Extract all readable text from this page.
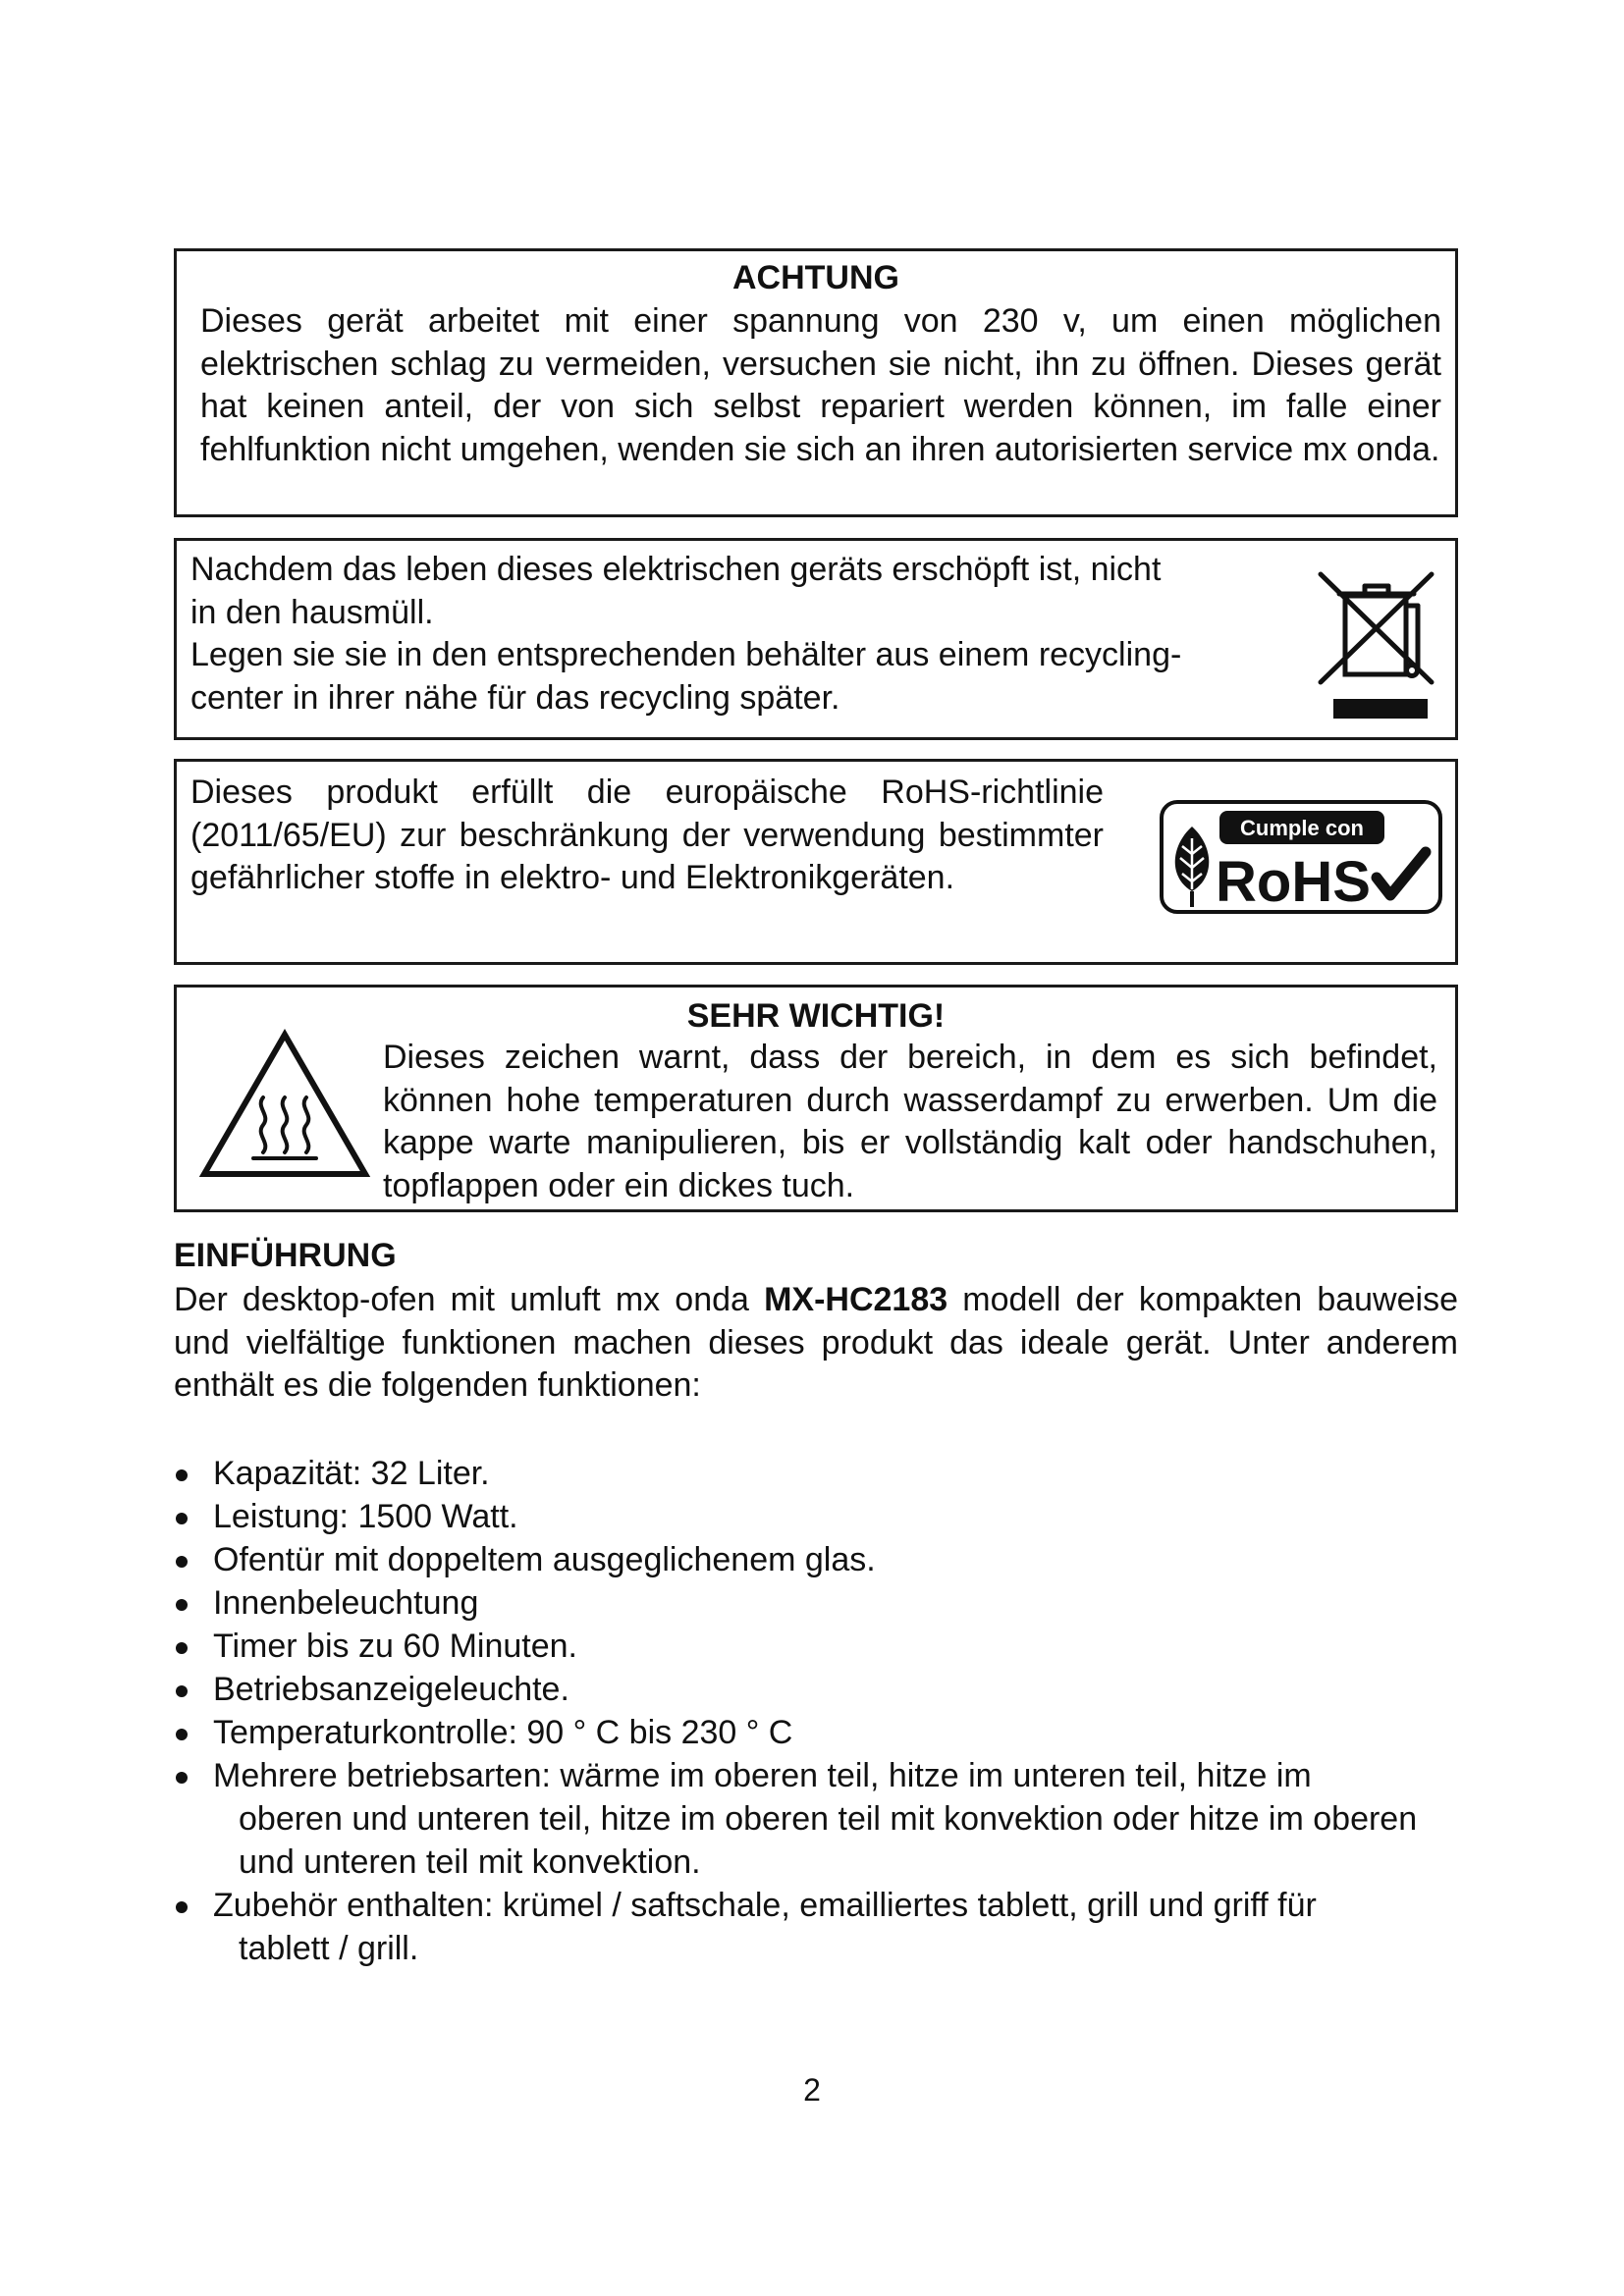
ACHTUNG
Dieses gerät arbeitet mit einer spannung von 230 v, um einen möglichen elektrischen schlag zu vermeiden, versuchen sie nicht, ihn zu öffnen. Dieses gerät hat keinen anteil, der von sich selbst repariert werden können, im falle einer fehlfunktion nicht umgehen, wenden sie sich an ihren autorisierten service mx onda.
Nachdem das leben dieses elektrischen geräts erschöpft ist, nicht
in den hausmüll.
Legen sie sie in den entsprechenden behälter aus einem recycling-
center in ihrer nähe für das recycling später.
Dieses produkt erfüllt die europäische RoHS-richtlinie (2011/65/EU) zur beschränkung der verwendung bestimmter gefährlicher stoffe in elektro- und Elektronikgeräten.
Cumple con
RoHS
SEHR WICHTIG!
Dieses zeichen warnt, dass der bereich, in dem es sich befindet, können hohe temperaturen durch wasserdampf zu erwerben. Um die kappe warte manipulieren, bis er vollständig kalt oder handschuhen, topflappen oder ein dickes tuch.
EINFÜHRUNG
Der desktop-ofen mit umluft mx onda MX-HC2183 modell der kompakten bauweise und vielfältige funktionen machen dieses produkt das ideale gerät. Unter anderem enthält es die folgenden funktionen:
Kapazität: 32 Liter.
Leistung: 1500 Watt.
Ofentür mit doppeltem ausgeglichenem glas.
Innenbeleuchtung
Timer bis zu 60 Minuten.
Betriebsanzeigeleuchte.
Temperaturkontrolle: 90 ° C bis 230 ° C
Mehrere betriebsarten: wärme im oberen teil, hitze im unteren teil, hitze im
oberen und unteren teil, hitze im oberen teil mit konvektion oder hitze im oberen und unteren teil mit konvektion.
Zubehör enthalten: krümel / saftschale, emailliertes tablett, grill und griff für
tablett / grill.
2
